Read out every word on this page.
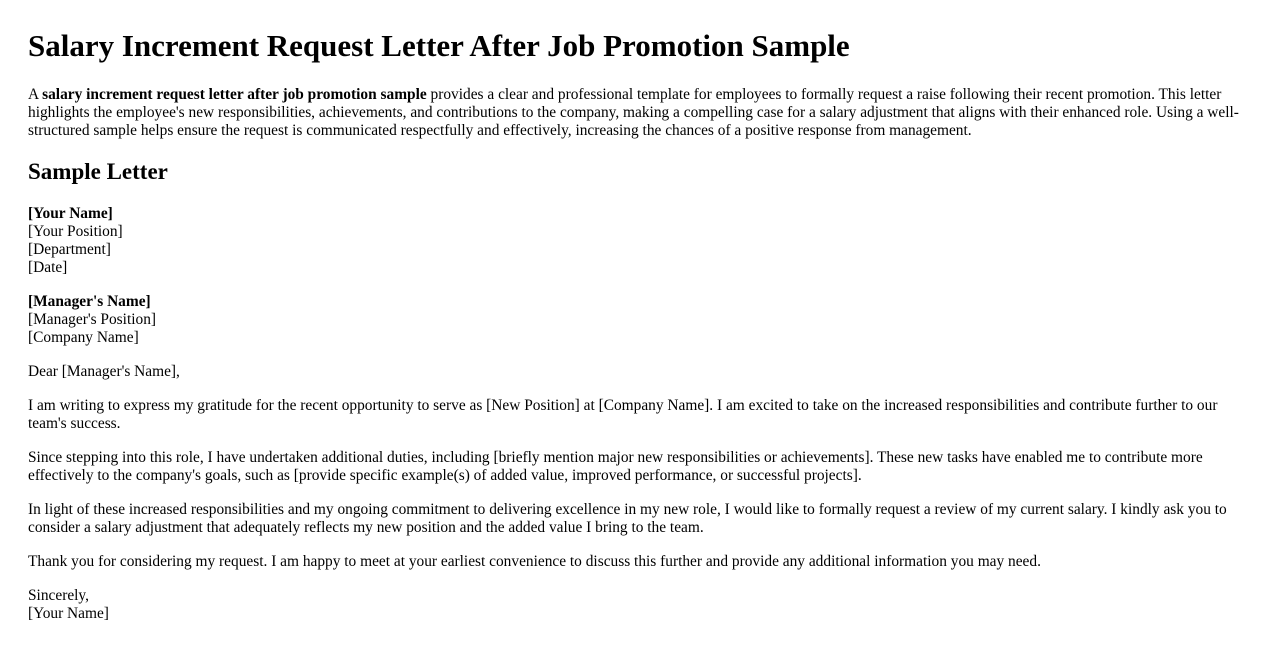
Salary Increment Request Letter After Job Promotion Sample

A salary increment request letter after job promotion sample provides a clear and professional template for employees to formally request a raise following their recent promotion. This letter highlights the employee's new responsibilities, achievements, and contributions to the company, making a compelling case for a salary adjustment that aligns with their enhanced role. Using a well-structured sample helps ensure the request is communicated respectfully and effectively, increasing the chances of a positive response from management.

Sample Letter
[Your Name]
[Your Position]
[Department]
[Date]
[Manager's Name]
[Manager's Position]
[Company Name]

Dear [Manager's Name],

I am writing to express my gratitude for the recent opportunity to serve as [New Position] at [Company Name]. I am excited to take on the increased responsibilities and contribute further to our team's success.

Since stepping into this role, I have undertaken additional duties, including [briefly mention major new responsibilities or achievements]. These new tasks have enabled me to contribute more effectively to the company's goals, such as [provide specific example(s) of added value, improved performance, or successful projects].

In light of these increased responsibilities and my ongoing commitment to delivering excellence in my new role, I would like to formally request a review of my current salary. I kindly ask you to consider a salary adjustment that adequately reflects my new position and the added value I bring to the team.

Thank you for considering my request. I am happy to meet at your earliest convenience to discuss this further and provide any additional information you may need.

Sincerely,
[Your Name]
